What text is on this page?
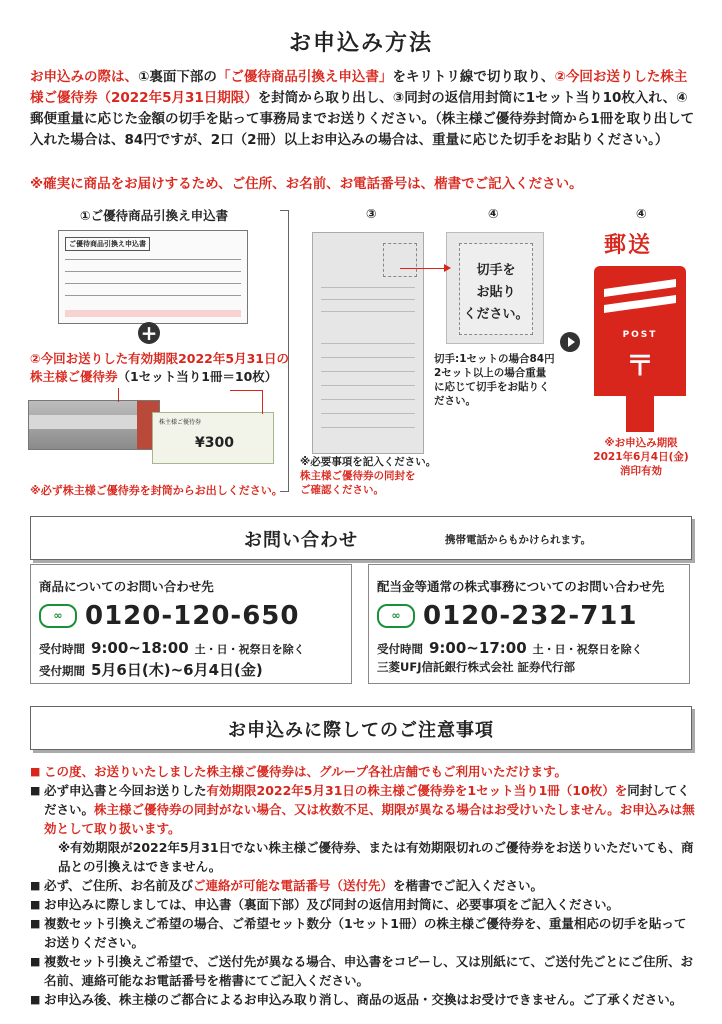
お申込み方法
お申込みの際は、①裏面下部の「ご優待商品引換え申込書」をキリトリ線で切り取り、②今回お送りした株主様ご優待券（2022年5月31日期限）を封筒から取り出し、③同封の返信用封筒に1セット当り10枚入れ、④郵便重量に応じた金額の切手を貼って事務局までお送りください。（株主様ご優待券封筒から1冊を取り出して入れた場合は、84円ですが、2口（2冊）以上お申込みの場合は、重量に応じた切手をお貼りください。）
※確実に商品をお届けするため、ご住所、お名前、お電話番号は、楷書でご記入ください。
①ご優待商品引換え申込書
ご優待商品引換え申込書
+
②今回お送りした有効期限2022年5月31日の株主様ご優待券（1セット当り1冊＝10枚）
株主様ご優待券
¥300
※必ず株主様ご優待券を封筒からお出しください。
③
※必要事項を記入ください。
株主様ご優待券の同封を
ご確認ください。
④
切手を
お貼り
ください。
切手:1セットの場合84円
2セット以上の場合重量
に応じて切手をお貼りく
ださい。
④
郵送
POST
〒
※お申込み期限
2021年6月4日(金)
消印有効
お問い合わせ	携帯電話からもかけられます。
商品についてのお問い合わせ先
∞ 0120-120-650
受付時間 9:00~18:00 土・日・祝祭日を除く
受付期間 5月6日(木)~6月4日(金)
配当金等通常の株式事務についてのお問い合わせ先
∞ 0120-232-711
受付時間 9:00~17:00 土・日・祝祭日を除く
三菱UFJ信託銀行株式会社 証券代行部
お申込みに際してのご注意事項
■ この度、お送りいたしました株主様ご優待券は、グループ各社店舗でもご利用いただけます。
■ 必ず申込書と今回お送りした有効期限2022年5月31日の株主様ご優待券を1セット当り1冊（10枚）を同封してください。株主様ご優待券の同封がない場合、又は枚数不足、期限が異なる場合はお受けいたしません。お申込みは無効として取り扱います。
※有効期限が2022年5月31日でない株主様ご優待券、または有効期限切れのご優待券をお送りいただいても、商品との引換えはできません。
■ 必ず、ご住所、お名前及びご連絡が可能な電話番号（送付先）を楷書でご記入ください。
■ お申込みに際しましては、申込書（裏面下部）及び同封の返信用封筒に、必要事項をご記入ください。
■ 複数セット引換えご希望の場合、ご希望セット数分（1セット1冊）の株主様ご優待券を、重量相応の切手を貼ってお送りください。
■ 複数セット引換えご希望で、ご送付先が異なる場合、申込書をコピーし、又は別紙にて、ご送付先ごとにご住所、お名前、連絡可能なお電話番号を楷書にてご記入ください。
■ お申込み後、株主様のご都合によるお申込み取り消し、商品の返品・交換はお受けできません。ご了承ください。
